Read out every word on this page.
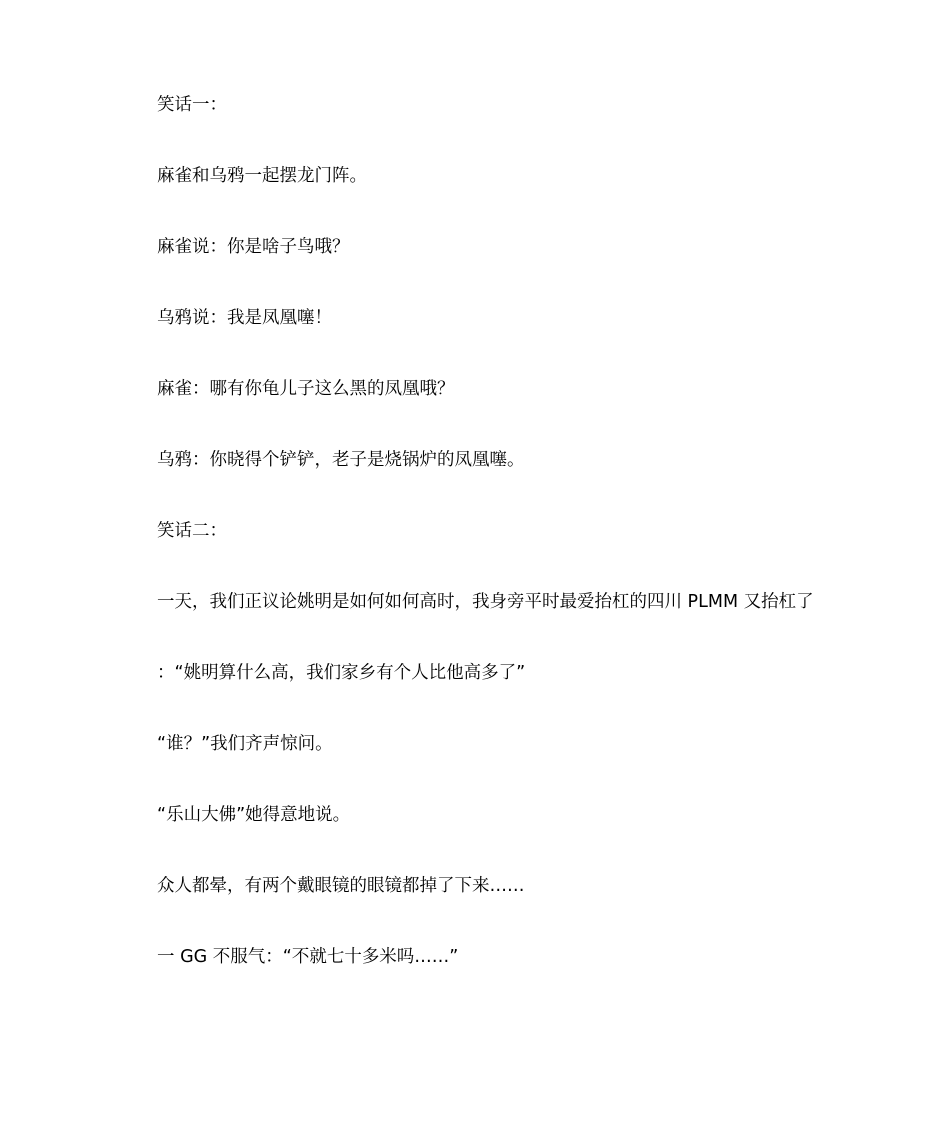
笑话一：
麻雀和乌鸦一起摆龙门阵。
麻雀说：你是啥子鸟哦？
乌鸦说：我是凤凰噻！
麻雀：哪有你龟儿子这么黑的凤凰哦？
乌鸦：你晓得个铲铲，老子是烧锅炉的凤凰噻。
笑话二：
一天，我们正议论姚明是如何如何高时，我身旁平时最爱抬杠的四川 PLMM 又抬杠了
：“姚明算什么高，我们家乡有个人比他高多了”
“谁？”我们齐声惊问。
“乐山大佛”她得意地说。
众人都晕，有两个戴眼镜的眼镜都掉了下来……
一 GG 不服气：“不就七十多米吗……”
